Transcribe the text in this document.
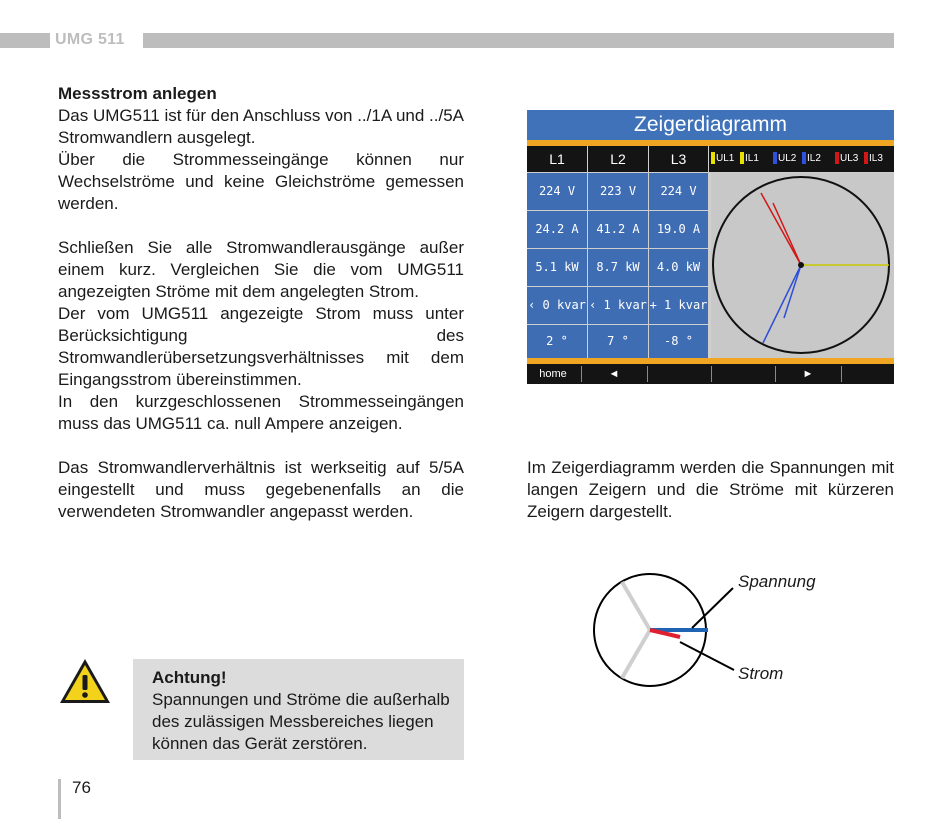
UMG 511

Messstrom anlegen

Das UMG511 ist für den Anschluss von ../1A und ../5A Stromwandlern ausgelegt.

Über die Strommesseingänge können nur Wechselströme und keine Gleichströme gemessen werden.

Schließen Sie alle Stromwandlerausgänge außer einem kurz. Vergleichen Sie die vom UMG511 angezeigten Ströme mit dem angelegten Strom.

Der vom UMG511 angezeigte Strom muss unter Berücksichtigung des Stromwandlerübersetzungsverhältnisses mit dem Eingangsstrom übereinstimmen.

In den kurzgeschlossenen Strommesseingängen muss das UMG511 ca. null Ampere anzeigen.

Das Stromwandlerverhältnis ist werkseitig auf 5/5A eingestellt und muss gegebenenfalls an die verwendeten Stromwandler angepasst werden.

Achtung!
Spannungen und Ströme die außerhalb des zulässigen Messbereiches liegen können das Gerät zerstören.
76
Zeigerdiagramm
L1	L2	L3	UL1	IL1	UL2	IL2	UL3	IL3
224 V	223 V	224 V
24.2 A	41.2 A	19.0 A
5.1 kW	8.7 kW	4.0 kW
‹ 0 kvar ‹ 1 kvar + 1 kvar
2 °	7 °	-8 °
home	◄	►
Im Zeigerdiagramm werden die Spannungen mit langen Zeigern und die Ströme mit kürzeren Zeigern dargestellt.
Spannung
Strom
